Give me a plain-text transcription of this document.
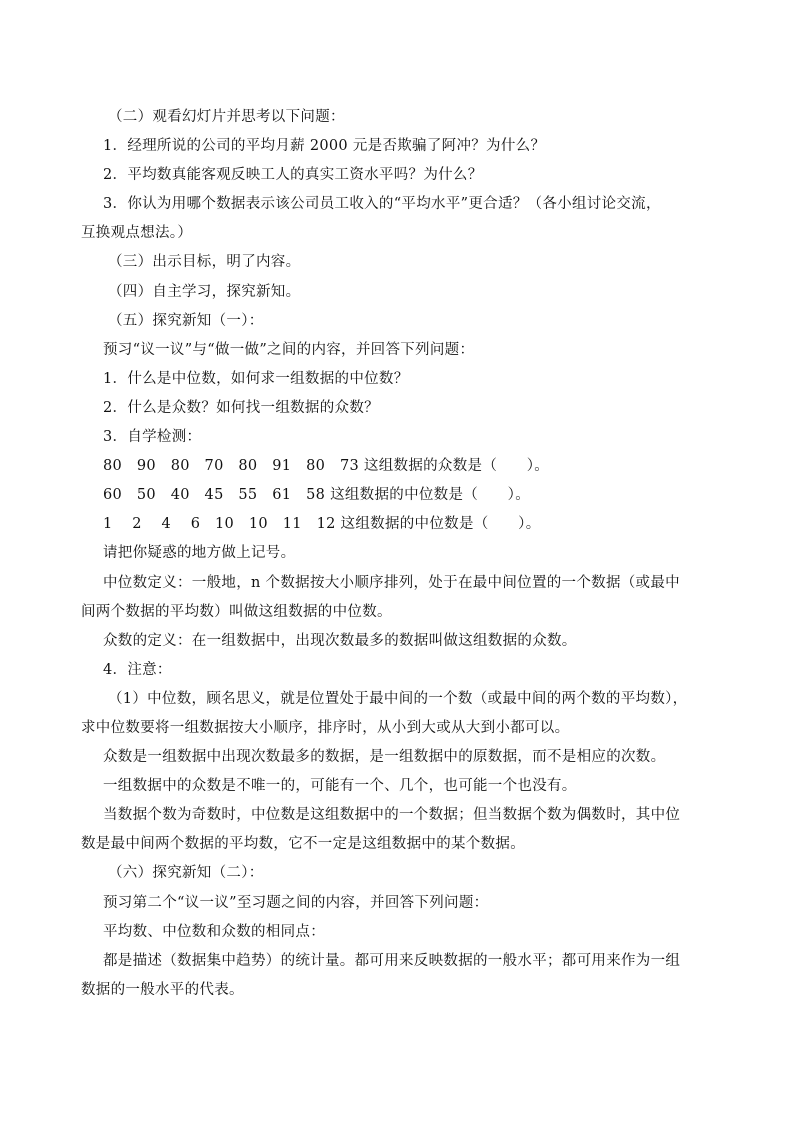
（二）观看幻灯片并思考以下问题：
1．经理所说的公司的平均月薪 2000 元是否欺骗了阿冲？为什么？
2．平均数真能客观反映工人的真实工资水平吗？为什么？
3．你认为用哪个数据表示该公司员工收入的“平均水平”更合适？（各小组讨论交流，
互换观点想法。）
（三）出示目标，明了内容。
（四）自主学习，探究新知。
（五）探究新知（一）：
预习“议一议”与“做一做”之间的内容，并回答下列问题：
1．什么是中位数，如何求一组数据的中位数？
2．什么是众数？如何找一组数据的众数？
3．自学检测：
80　90　80　70　80　91　80　73 这组数据的众数是（　　）。
60　50　40　45　55　61　58 这组数据的中位数是（　　）。
1　 2　 4　 6　10　10　11　12 这组数据的中位数是（　　）。
请把你疑惑的地方做上记号。
中位数定义：一般地，n 个数据按大小顺序排列，处于在最中间位置的一个数据（或最中
间两个数据的平均数）叫做这组数据的中位数。
众数的定义：在一组数据中，出现次数最多的数据叫做这组数据的众数。
4．注意：
（1）中位数，顾名思义，就是位置处于最中间的一个数（或最中间的两个数的平均数），
求中位数要将一组数据按大小顺序，排序时，从小到大或从大到小都可以。
众数是一组数据中出现次数最多的数据，是一组数据中的原数据，而不是相应的次数。
一组数据中的众数是不唯一的，可能有一个、几个，也可能一个也没有。
当数据个数为奇数时，中位数是这组数据中的一个数据；但当数据个数为偶数时，其中位
数是最中间两个数据的平均数，它不一定是这组数据中的某个数据。
（六）探究新知（二）：
预习第二个“议一议”至习题之间的内容，并回答下列问题：
平均数、中位数和众数的相同点：
都是描述（数据集中趋势）的统计量。都可用来反映数据的一般水平；都可用来作为一组
数据的一般水平的代表。
